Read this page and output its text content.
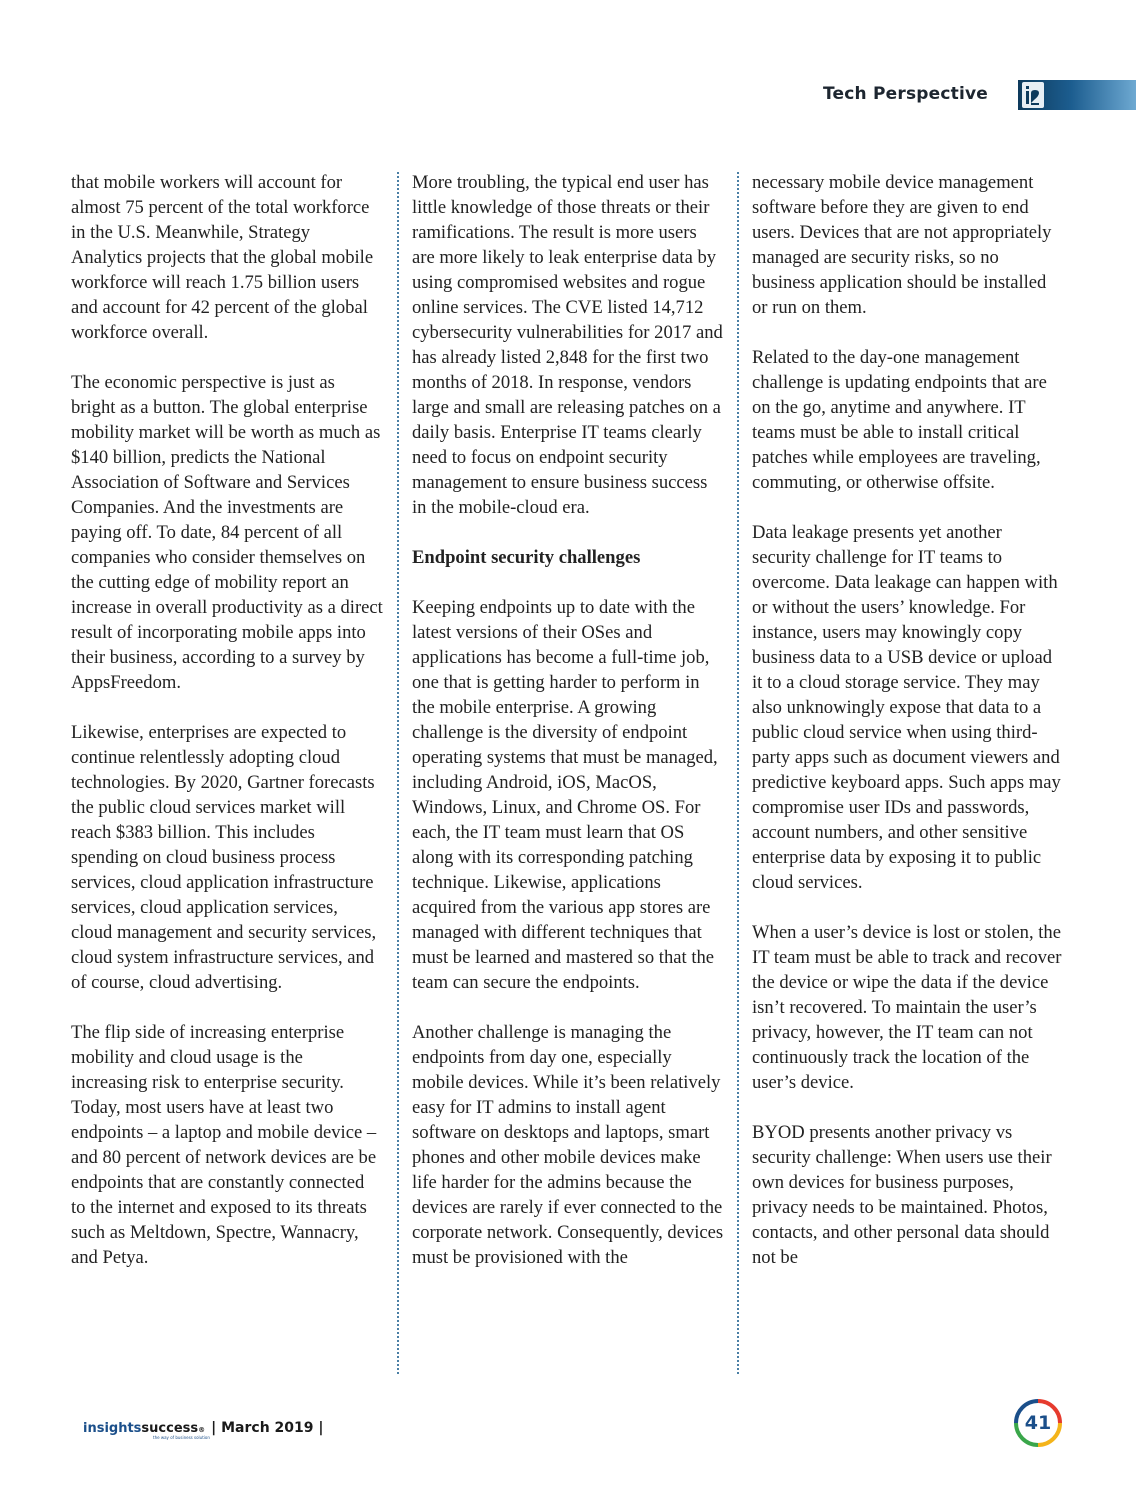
Tech Perspective

that mobile workers will account for almost 75 percent of the total workforce in the U.S. Meanwhile, Strategy Analytics projects that the global mobile workforce will reach 1.75 billion users and account for 42 percent of the global workforce overall.

The economic perspective is just as bright as a button. The global enterprise mobility market will be worth as much as $140 billion, predicts the National Association of Software and Services Companies. And the investments are paying off. To date, 84 percent of all companies who consider themselves on the cutting edge of mobility report an increase in overall productivity as a direct result of incorporating mobile apps into their business, according to a survey by AppsFreedom.

Likewise, enterprises are expected to continue relentlessly adopting cloud technologies. By 2020, Gartner forecasts the public cloud services market will reach $383 billion. This includes spending on cloud business process services, cloud application infrastructure services, cloud application services, cloud management and security services, cloud system infrastructure services, and of course, cloud advertising.

The flip side of increasing enterprise mobility and cloud usage is the increasing risk to enterprise security. Today, most users have at least two endpoints – a laptop and mobile device – and 80 percent of network devices are be endpoints that are constantly connected to the internet and exposed to its threats such as Meltdown, Spectre, Wannacry, and Petya.

More troubling, the typical end user has little knowledge of those threats or their ramifications. The result is more users are more likely to leak enterprise data by using compromised websites and rogue online services. The CVE listed 14,712 cybersecurity vulnerabilities for 2017 and has already listed 2,848 for the first two months of 2018. In response, vendors large and small are releasing patches on a daily basis. Enterprise IT teams clearly need to focus on endpoint security management to ensure business success in the mobile-cloud era.

Endpoint security challenges

Keeping endpoints up to date with the latest versions of their OSes and applications has become a full-time job, one that is getting harder to perform in the mobile enterprise. A growing challenge is the diversity of endpoint operating systems that must be managed, including Android, iOS, MacOS, Windows, Linux, and Chrome OS. For each, the IT team must learn that OS along with its corresponding patching technique. Likewise, applications acquired from the various app stores are managed with different techniques that must be learned and mastered so that the team can secure the endpoints.

Another challenge is managing the endpoints from day one, especially mobile devices. While it’s been relatively easy for IT admins to install agent software on desktops and laptops, smart phones and other mobile devices make life harder for the admins because the devices are rarely if ever connected to the corporate network. Consequently, devices must be provisioned with the

necessary mobile device management software before they are given to end users. Devices that are not appropriately managed are security risks, so no business application should be installed or run on them.

Related to the day-one management challenge is updating endpoints that are on the go, anytime and anywhere. IT teams must be able to install critical patches while employees are traveling, commuting, or otherwise offsite.

Data leakage presents yet another security challenge for IT teams to overcome. Data leakage can happen with or without the users’ knowledge. For instance, users may knowingly copy business data to a USB device or upload it to a cloud storage service. They may also unknowingly expose that data to a public cloud service when using third-party apps such as document viewers and predictive keyboard apps. Such apps may compromise user IDs and passwords, account numbers, and other sensitive enterprise data by exposing it to public cloud services.

When a user’s device is lost or stolen, the IT team must be able to track and recover the device or wipe the data if the device isn’t recovered. To maintain the user’s privacy, however, the IT team can not continuously track the location of the user’s device.

BYOD presents another privacy vs security challenge: When users use their own devices for business purposes, privacy needs to be maintained. Photos, contacts, and other personal data should not be

insights success ®
the way of business solution
| March 2019 |	41
